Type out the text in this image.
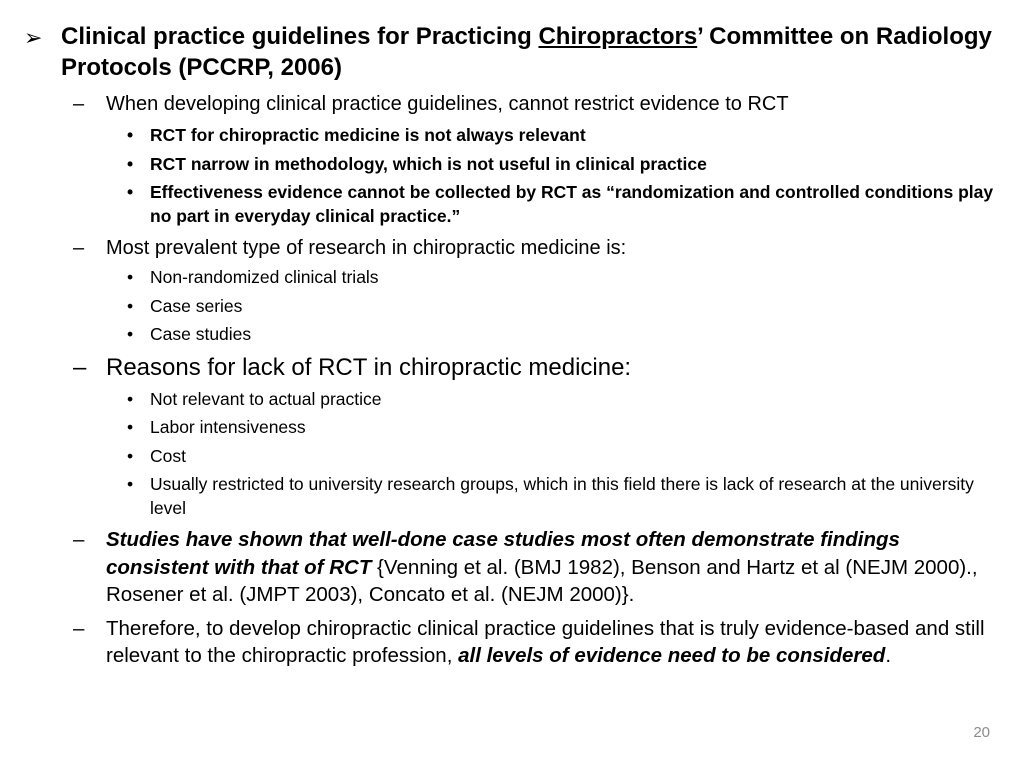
➢ Clinical practice guidelines for Practicing Chiropractors’ Committee on Radiology Protocols (PCCRP, 2006)
– When developing clinical practice guidelines, cannot restrict evidence to RCT
• RCT for chiropractic medicine is not always relevant
• RCT narrow in methodology, which is not useful in clinical practice
• Effectiveness evidence cannot be collected by RCT as “randomization and controlled conditions play no part in everyday clinical practice.”
– Most prevalent type of research in chiropractic medicine is:
• Non-randomized clinical trials
• Case series
• Case studies
– Reasons for lack of RCT in chiropractic medicine:
• Not relevant to actual practice
• Labor intensiveness
• Cost
• Usually restricted to university research groups, which in this field there is lack of research at the university level
– Studies have shown that well-done case studies most often demonstrate findings consistent with that of RCT {Venning et al. (BMJ 1982), Benson and Hartz et al (NEJM 2000)., Rosener et al. (JMPT 2003), Concato et al. (NEJM 2000)}.
– Therefore, to develop chiropractic clinical practice guidelines that is truly evidence-based and still relevant to the chiropractic profession, all levels of evidence need to be considered.
20
